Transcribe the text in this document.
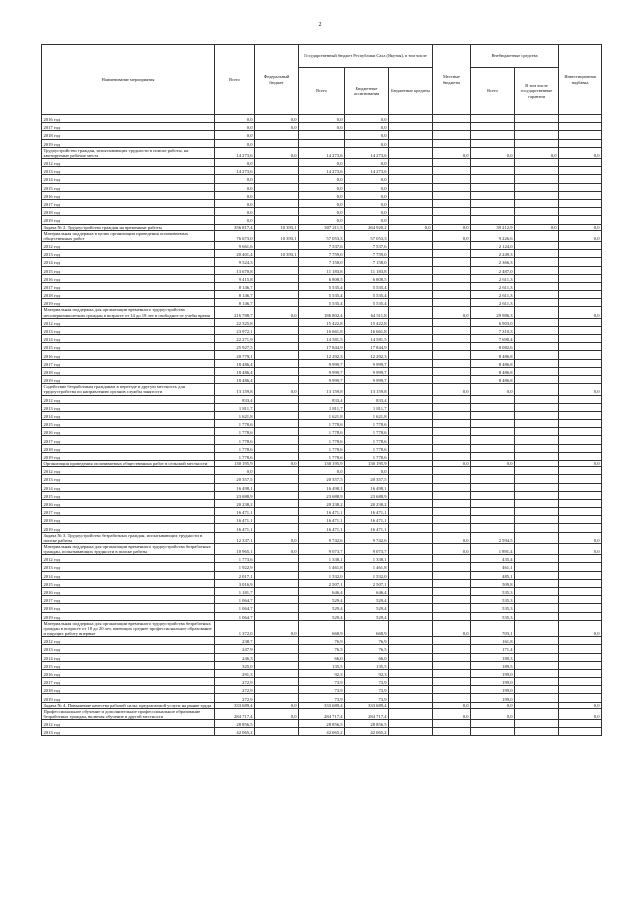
2
Наименование мероприятия	Всего	Федеральный бюджет	Государственный бюджет Республики Саха (Якутия), в том числе			Местные бюджеты	Внебюджетные средства		Инвестиционная надбавка
			Всего	Бюджетные ассигнования	Бюджетные кредиты		Всего	В том числе государственные гарантии	
2016 год	0,0	0,0	0,0	0,0					
2017 год	0,0	0,0	0,0	0,0					
2018 год	0,0			0,0					
2019 год	0,0			0,0					
Трудоустройство граждан, испытывающих трудности в поиске работы, на квотируемые рабочие места	14 273,6	0,0	14 273,6	14 273,6		0,0	0,0	0,0	0,0
2012 год	0,0		0,0	0,0					
2013 год	14 273,6		14 273,6	14 273,6					
2014 год	0,0		0,0	0,0					
2015 год	0,0		0,0	0,0					
2016 год	0,0		0,0	0,0					
2017 год	0,0		0,0	0,0					
2018 год	0,0		0,0	0,0					
2019 год	0,0		0,0	0,0					
Задача № 2. Трудоустройство граждан на временные работы	356 817,4	10 393,1	307 211,5	264 920,2	0,0	0,0	39 212,9	0,0	0,0
Материальная поддержка в целях организации проведения оплачиваемых общественных работ	76 673,0	10 393,1	57 053,3	57 053,3		0,0	9 226,6		0,0
2012 год	9 661,6		7 537,6	7 537,6			2 124,0		
2013 год	20 401,4	10 393,1	7 759,0	7 759,0			2 249,3		
2014 год	9 524,3		7 158,0	7 158,0			2 366,3		
2015 год	13 670,8		11 183,8	11 183,8			2 487,0		
2016 год	9 415,8		6 808,5	6 808,5			2 611,3		
2017 год	8 146,7		5 535,4	5 535,4			2 611,3		
2018 год	8 146,7		5 535,4	5 535,4			2 611,3		
2019 год	8 146,7		5 535,4	5 535,4			2 611,3		
Материальная поддержка для организации временного трудоустройства несовершеннолетних граждан в возрасте от 14 до 18 лет в свободное от учебы время	216 788,7	0,0	186 802,4	64 511,8		0,0	29 986,3		0,0
2012 год	22 325,8		15 422,8	15 422,8			6 903,0		
2013 год	23 972,1		16 661,8	16 661,8			7 310,3		
2014 год	22 271,9		14 581,5	14 581,5			7 690,4		
2015 год	25 927,5		17 844,9	17 844,9			8 082,6		
2016 год	20 779,1		12 292,3	12 292,3			8 486,8		
2017 год	18 486,4		9 999,7	9 999,7			8 486,8		
2018 год	18 486,4		9 999,7	9 999,7			8 486,8		
2019 год	18 486,4		9 999,7	9 999,7			8 486,8		
Содействие безработным гражданам в переезде в другую местность для трудоустройства по направлению органов службы занятости	13 159,8	0,0	13 159,8	13 159,8		0,0	0,0		0,0
2012 год	833,4		833,4	833,4					
2013 год	1 811,7		1 811,7	1 811,7					
2014 год	1 621,8		1 621,8	1 621,8					
2015 год	1 778,6		1 778,6	1 778,6					
2016 год	1 778,6		1 778,6	1 778,6					
2017 год	1 778,6		1 778,6	1 778,6					
2018 год	1 778,6		1 778,6	1 778,6					
2019 год	1 778,6		1 778,6	1 778,6					
Организация проведения оплачиваемых общественных работ в сельской местности	130 195,9	0,0	130 195,9	130 195,9		0,0	0,0		0,0
2012 год	0,0		0,0	0,0					
2013 год	20 357,5		20 357,5	20 357,5					
2014 год	16 498,1		16 498,1	16 498,1					
2015 год	23 688,9		23 688,9	23 688,9					
2016 год	20 238,2		20 238,2	20 238,2					
2017 год	16 471,1		16 471,1	16 471,1					
2018 год	16 471,1		16 471,1	16 471,1					
2019 год	16 471,1		16 471,1	16 471,1					
Задача № 3. Трудоустройство безработных граждан, испытывающих трудности в поиске работы	12 337,1	0,0	9 742,6	9 742,6		0,0	2 594,5		0,0
Материальная поддержка для организации временного трудоустройства безработных граждан, испытывающих трудности в поиске работы	10 965,1	0,0	9 073,7	9 073,7		0,0	1 891,4		0,0
2012 год	1 773,6		1 338,1	1 338,1			435,4		
2013 год	1 922,9		1 461,8	1 461,8			461,1		
2014 год	2 017,1		1 532,0	1 532,0			485,1		
2015 год	3 016,9		2 507,1	2 507,1			509,8		
2016 год	1 181,7		646,4	646,4			535,3		
2017 год	1 064,7		529,4	529,4			535,3		
2018 год	1 064,7		529,4	529,4			535,3		
2019 год	1 064,7		529,4	529,4			535,3		
Материальная поддержка для организации временного трудоустройства безработных граждан в возрасте от 18 до 20 лет, имеющих среднее профессиональное образование и ищущих работу впервые	1 372,0	0,0	668,9	668,9		0,0	703,1		0,0
2012 год	238,7		76,9	76,9			161,8		
2013 год	247,9		76,5	76,5			171,4		
2014 год	246,3		66,0	66,0			180,3		
2015 год	325,0		135,5	135,5			189,5		
2016 год	291,3		92,3	92,3			199,0		
2017 год	272,9		73,9	73,9			199,0		
2018 год	272,9		73,9	73,9			199,0		
2019 год	272,9		73,9	73,9			199,0		
Задача № 4. Повышение качества рабочей силы, предлагаемой услуги на рынке труда	333 689,4	0,0	333 689,4	333 689,4		0,0	0,0		0,0
Профессиональное обучение и дополнительное профессиональное образование безработных граждан, включая обучение в другой местности	284 717,4	0,0	284 717,4	284 717,4		0,0	0,0		0,0
2012 год	28 856,5		28 856,5	28 856,5					
2013 год	42 065,2		42 065,2	42 065,2					
